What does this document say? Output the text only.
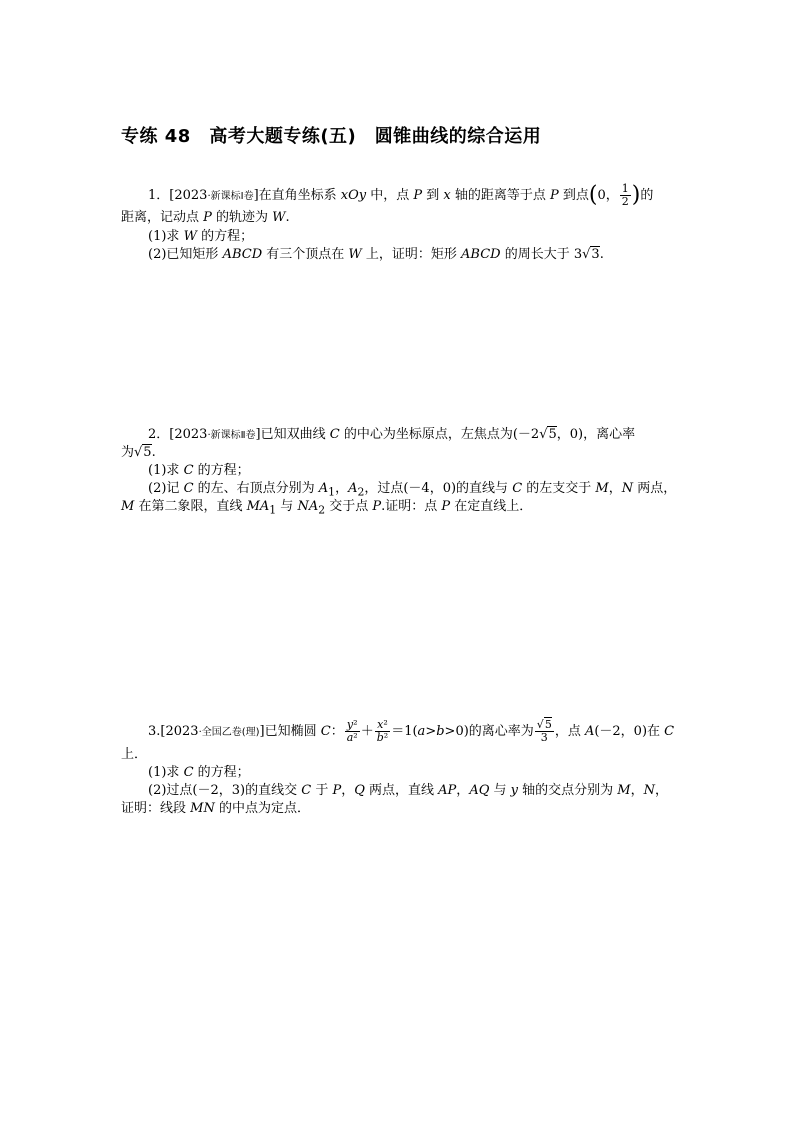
专练 48　高考大题专练(五)　圆锥曲线的综合运用
1．[2023·新课标Ⅰ卷]在直角坐标系 xOy 中，点 P 到 x 轴的距离等于点 P 到点(0， $\frac{1}{2}$ )的
距离，记动点 P 的轨迹为 W.
(1)求 W 的方程；
(2)已知矩形 ABCD 有三个顶点在 W 上，证明：矩形 ABCD 的周长大于 3√3.
2．[2023·新课标Ⅱ卷]已知双曲线 C 的中心为坐标原点，左焦点为(－2√5，0)，离心率
为√5.
(1)求 C 的方程；
(2)记 C 的左、右顶点分别为 $A_1$，$A_2$，过点(－4，0)的直线与 C 的左支交于 M，N 两点，
M 在第二象限，直线 $MA_1$ 与 $NA_2$ 交于点 P.证明：点 P 在定直线上．
3.[2023·全国乙卷(理)]已知椭圆 C： $\frac{\text{y²}}{\text{a²}} + \frac{\text{x²}}{\text{b²}} =1(a>b>0)$的离心率为 $\frac{√5}{3}$ ，点 A(－2，0)在 C
上．
(1)求 C 的方程；
(2)过点(－2，3)的直线交 C 于 P，Q 两点，直线 AP，AQ 与 y 轴的交点分别为 M，N，
证明：线段 MN 的中点为定点．
